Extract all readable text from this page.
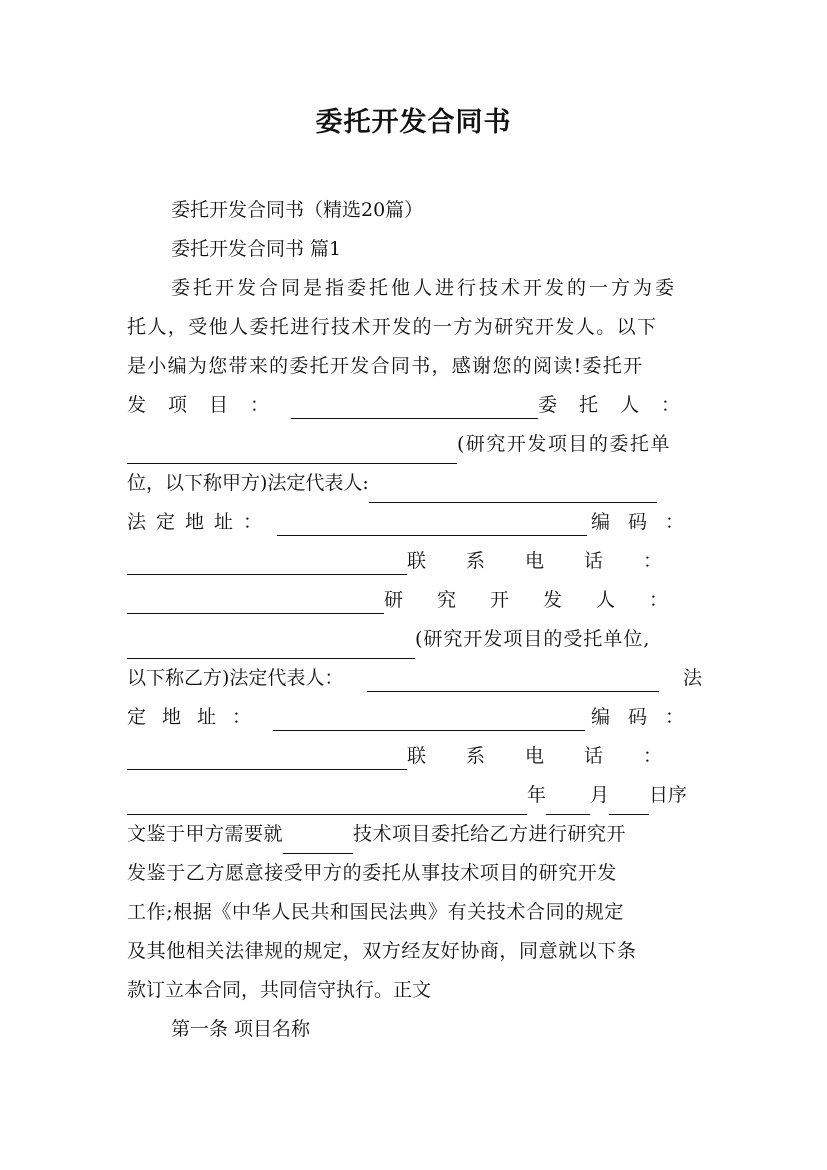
委托开发合同书
委托开发合同书（精选20篇）
委托开发合同书 篇1
委托开发合同是指委托他人进行技术开发的一方为委
托人，受他人委托进行技术开发的一方为研究开发人。以下
是小编为您带来的委托开发合同书，感谢您的阅读!委托开
发项目：	委托人：
(研究开发项目的委托单
位，以下称甲方)法定代表人:
法定地址：	编码：
联系电话：
研究开发人：
(研究开发项目的受托单位,
以下称乙方)法定代表人：	法
定地址：	编码：
联系电话：
年 月 日序
文鉴于甲方需要就	技术项目委托给乙方进行研究开
发鉴于乙方愿意接受甲方的委托从事技术项目的研究开发
工作;根据《中华人民共和国民法典》有关技术合同的规定
及其他相关法律规的规定，双方经友好协商，同意就以下条
款订立本合同，共同信守执行。正文
第一条 项目名称
